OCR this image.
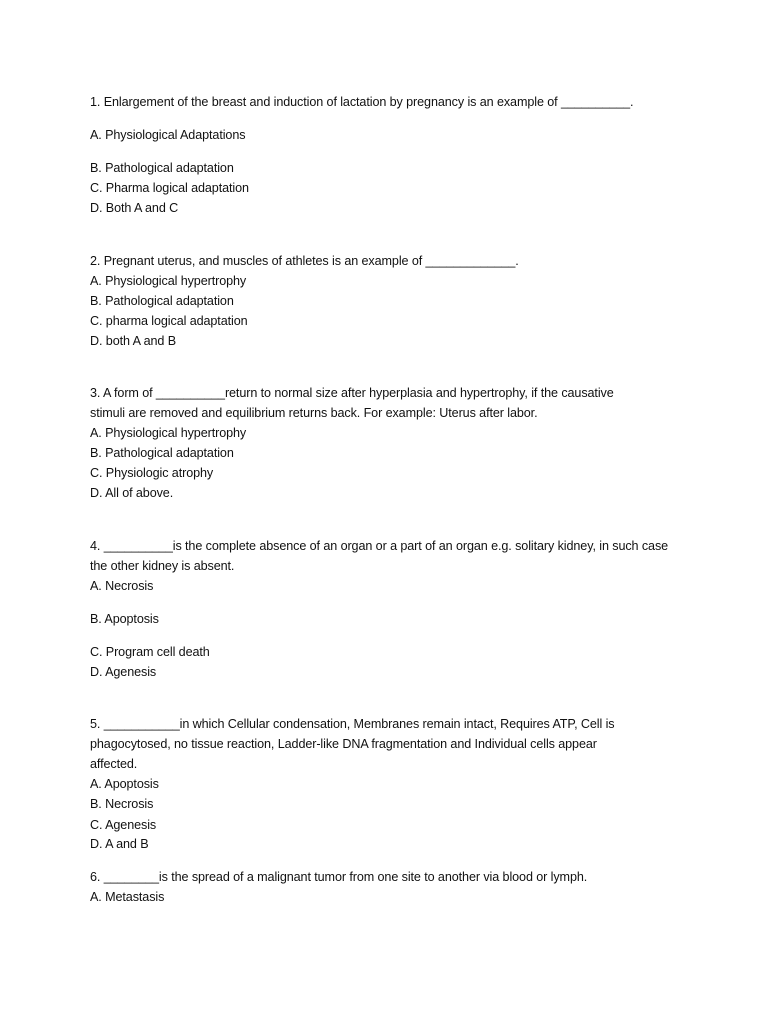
1. Enlargement of the breast and induction of lactation by pregnancy is an example of __________.
A. Physiological Adaptations
B. Pathological adaptation
C. Pharma logical adaptation
D. Both A and C
2. Pregnant uterus, and muscles of athletes is an example of _____________.
A. Physiological hypertrophy
B. Pathological adaptation
C. pharma logical adaptation
D. both A and B
3. A form of __________return to normal size after hyperplasia and hypertrophy, if the causative
stimuli are removed and equilibrium returns back. For example: Uterus after labor.
A. Physiological hypertrophy
B. Pathological adaptation
C. Physiologic atrophy
D. All of above.
4. __________is the complete absence of an organ or a part of an organ e.g. solitary kidney, in such case
the other kidney is absent.
A. Necrosis
B. Apoptosis
C. Program cell death
D. Agenesis
5. ___________in which Cellular condensation, Membranes remain intact, Requires ATP, Cell is
phagocytosed, no tissue reaction, Ladder-like DNA fragmentation and Individual cells appear
affected.
A. Apoptosis
B. Necrosis
C. Agenesis
D. A and B
6. ________is the spread of a malignant tumor from one site to another via blood or lymph.
A. Metastasis
